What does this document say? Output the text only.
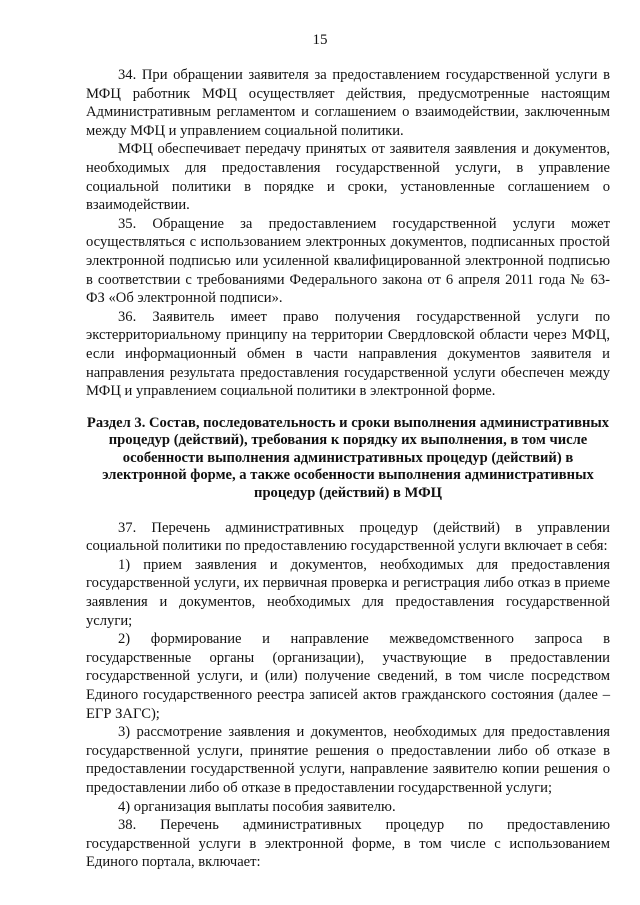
15

34. При обращении заявителя за предоставлением государственной услуги в МФЦ работник МФЦ осуществляет действия, предусмотренные настоящим Административным регламентом и соглашением о взаимодействии, заключенным между МФЦ и управлением социальной политики.

МФЦ обеспечивает передачу принятых от заявителя заявления и документов, необходимых для предоставления государственной услуги, в управление социальной политики в порядке и сроки, установленные соглашением о взаимодействии.

35. Обращение за предоставлением государственной услуги может осуществляться с использованием электронных документов, подписанных простой электронной подписью или усиленной квалифицированной электронной подписью в соответствии с требованиями Федерального закона от 6 апреля 2011 года № 63-ФЗ «Об электронной подписи».

36. Заявитель имеет право получения государственной услуги по экстерриториальному принципу на территории Свердловской области через МФЦ, если информационный обмен в части направления документов заявителя и направления результата предоставления государственной услуги обеспечен между МФЦ и управлением социальной политики в электронной форме.

Раздел 3. Состав, последовательность и сроки выполнения административных процедур (действий), требования к порядку их выполнения, в том числе особенности выполнения административных процедур (действий) в электронной форме, а также особенности выполнения административных процедур (действий) в МФЦ

37. Перечень административных процедур (действий) в управлении социальной политики по предоставлению государственной услуги включает в себя:

1) прием заявления и документов, необходимых для предоставления государственной услуги, их первичная проверка и регистрация либо отказ в приеме заявления и документов, необходимых для предоставления государственной услуги;

2) формирование и направление межведомственного запроса в государственные органы (организации), участвующие в предоставлении государственной услуги, и (или) получение сведений, в том числе посредством Единого государственного реестра записей актов гражданского состояния (далее – ЕГР ЗАГС);

3) рассмотрение заявления и документов, необходимых для предоставления государственной услуги, принятие решения о предоставлении либо об отказе в предоставлении государственной услуги, направление заявителю копии решения о предоставлении либо об отказе в предоставлении государственной услуги;

4) организация выплаты пособия заявителю.

38. Перечень административных процедур по предоставлению государственной услуги в электронной форме, в том числе с использованием Единого портала, включает:
